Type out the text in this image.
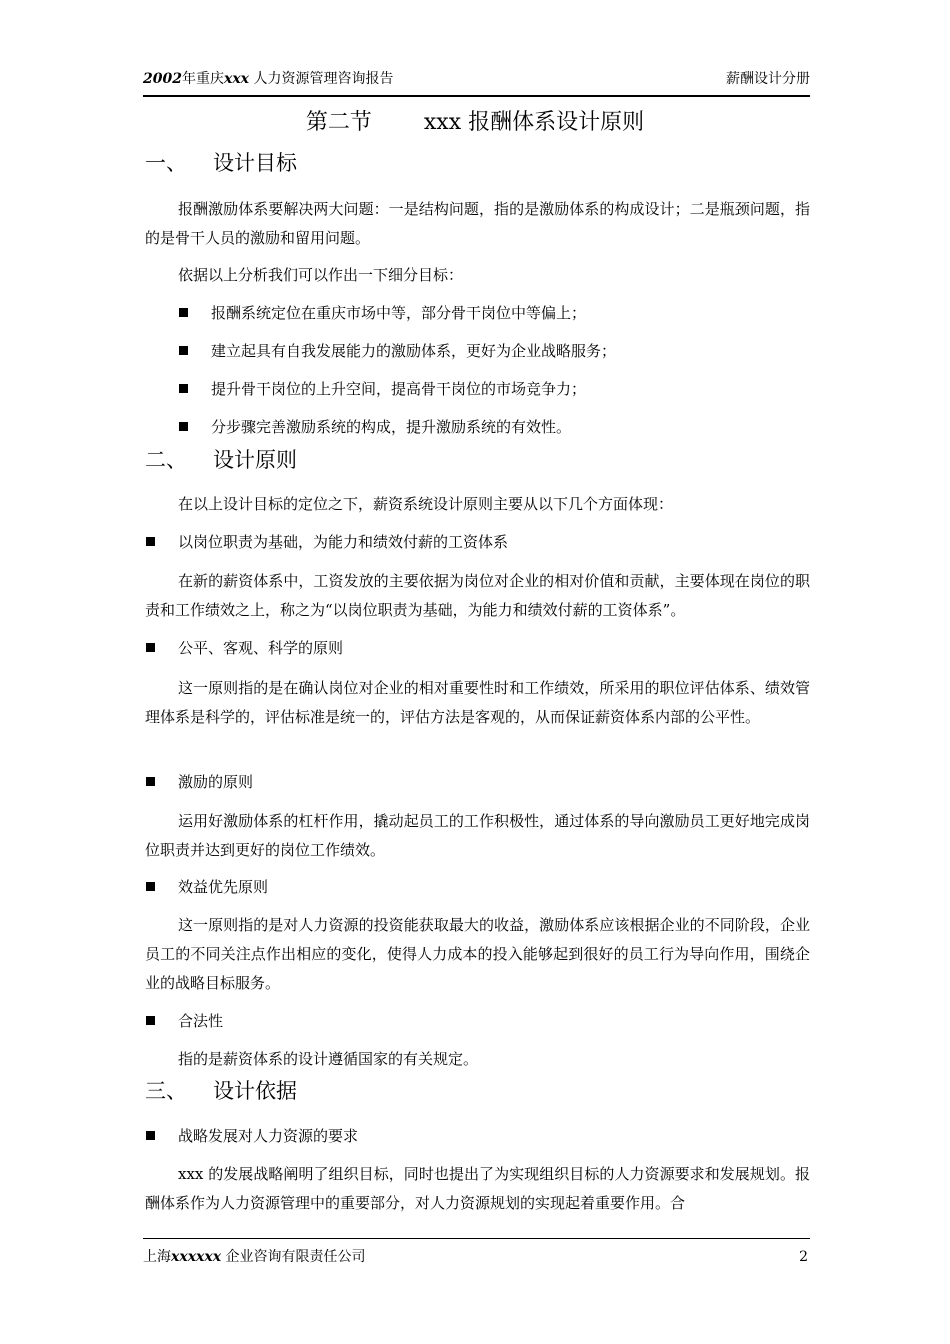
2002年重庆xxx 人力资源管理咨询报告	薪酬设计分册
第二节 xxx 报酬体系设计原则
一、 设计目标
报酬激励体系要解决两大问题：一是结构问题，指的是激励体系的构成设计；二是瓶颈问题，指的是骨干人员的激励和留用问题。
依据以上分析我们可以作出一下细分目标：
报酬系统定位在重庆市场中等，部分骨干岗位中等偏上；
建立起具有自我发展能力的激励体系，更好为企业战略服务；
提升骨干岗位的上升空间，提高骨干岗位的市场竞争力；
分步骤完善激励系统的构成，提升激励系统的有效性。
二、 设计原则
在以上设计目标的定位之下，薪资系统设计原则主要从以下几个方面体现：
以岗位职责为基础，为能力和绩效付薪的工资体系
在新的薪资体系中，工资发放的主要依据为岗位对企业的相对价值和贡献，主要体现在岗位的职责和工作绩效之上，称之为“以岗位职责为基础，为能力和绩效付薪的工资体系”。
公平、客观、科学的原则
这一原则指的是在确认岗位对企业的相对重要性时和工作绩效，所采用的职位评估体系、绩效管理体系是科学的，评估标准是统一的，评估方法是客观的，从而保证薪资体系内部的公平性。
激励的原则
运用好激励体系的杠杆作用，撬动起员工的工作积极性，通过体系的导向激励员工更好地完成岗位职责并达到更好的岗位工作绩效。
效益优先原则
这一原则指的是对人力资源的投资能获取最大的收益，激励体系应该根据企业的不同阶段，企业员工的不同关注点作出相应的变化，使得人力成本的投入能够起到很好的员工行为导向作用，围绕企业的战略目标服务。
合法性
指的是薪资体系的设计遵循国家的有关规定。
三、 设计依据
战略发展对人力资源的要求
xxx 的发展战略阐明了组织目标，同时也提出了为实现组织目标的人力资源要求和发展规划。报酬体系作为人力资源管理中的重要部分，对人力资源规划的实现起着重要作用。合
上海xxxxxx 企业咨询有限责任公司	2
